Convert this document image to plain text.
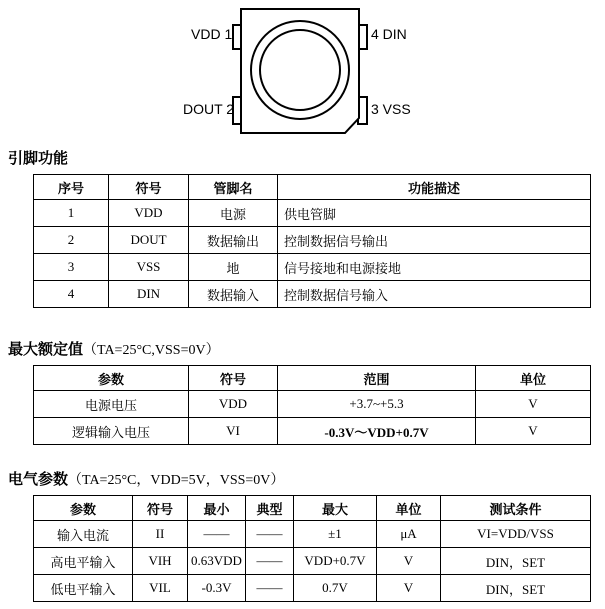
VDD 1	4 DIN
DOUT 2	3 VSS
引脚功能
序号	符号	管脚名	功能描述
1	VDD	电源	供电管脚
2	DOUT	数据输出	控制数据信号输出
3	VSS	地	信号接地和电源接地
4	DIN	数据输入	控制数据信号输入
最大额定值（TA=25°C,VSS=0V）
参数	符号	范围	单位
电源电压	VDD	+3.7~+5.3	V
逻辑输入电压	VI	-0.3V～VDD+0.7V	V
电气参数（TA=25°C，VDD=5V，VSS=0V）
参数	符号	最小	典型	最大	单位	测试条件
输入电流	II	——	——	±1	μA	VI=VDD/VSS
高电平输入	VIH	0.63VDD	——	VDD+0.7V	V	DIN，SET
低电平输入	VIL	-0.3V	——	0.7V	V	DIN，SET
